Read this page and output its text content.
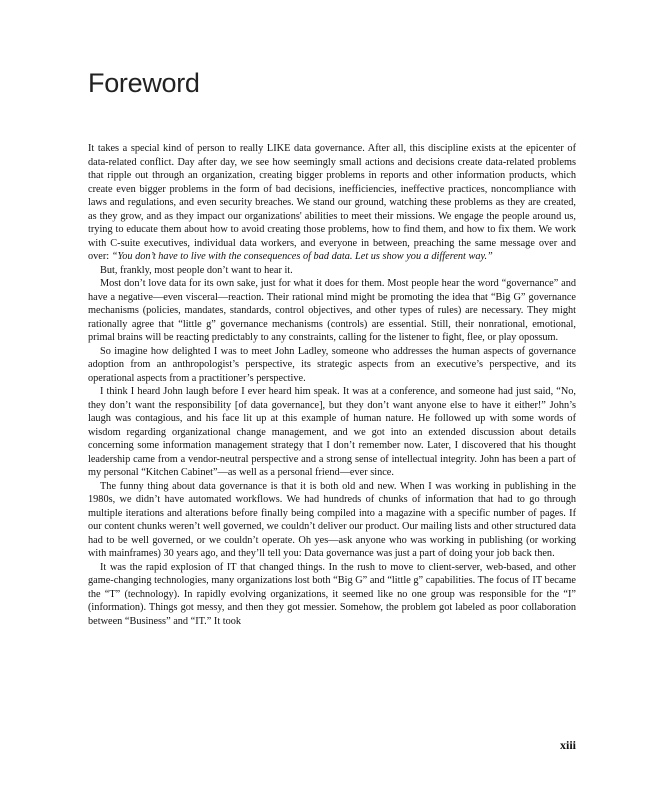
Foreword

It takes a special kind of person to really LIKE data governance. After all, this discipline exists at the epicenter of data-related conflict. Day after day, we see how seemingly small actions and decisions create data-related problems that ripple out through an organization, creating bigger problems in reports and other information products, which create even bigger problems in the form of bad decisions, inefficiencies, ineffective practices, noncompliance with laws and regulations, and even security breaches. We stand our ground, watching these problems as they are created, as they grow, and as they impact our organizations' abilities to meet their missions. We engage the people around us, trying to educate them about how to avoid creating those problems, how to find them, and how to fix them. We work with C-suite executives, individual data workers, and everyone in between, preaching the same message over and over: “You don’t have to live with the consequences of bad data. Let us show you a different way.”

But, frankly, most people don’t want to hear it.

Most don’t love data for its own sake, just for what it does for them. Most people hear the word “governance” and have a negative—even visceral—reaction. Their rational mind might be promoting the idea that “Big G” governance mechanisms (policies, mandates, standards, control objectives, and other types of rules) are necessary. They might rationally agree that “little g” governance mechanisms (controls) are essential. Still, their nonrational, emotional, primal brains will be reacting predictably to any constraints, calling for the listener to fight, flee, or play opossum.

So imagine how delighted I was to meet John Ladley, someone who addresses the human aspects of governance adoption from an anthropologist’s perspective, its strategic aspects from an executive’s perspective, and its operational aspects from a practitioner’s perspective.

I think I heard John laugh before I ever heard him speak. It was at a conference, and someone had just said, “No, they don’t want the responsibility [of data governance], but they don’t want anyone else to have it either!” John’s laugh was contagious, and his face lit up at this example of human nature. He followed up with some words of wisdom regarding organizational change management, and we got into an extended discussion about details concerning some information management strategy that I don’t remember now. Later, I discovered that his thought leadership came from a vendor-neutral perspective and a strong sense of intellectual integrity. John has been a part of my personal “Kitchen Cabinet”—as well as a personal friend—ever since.

The funny thing about data governance is that it is both old and new. When I was working in publishing in the 1980s, we didn’t have automated workflows. We had hundreds of chunks of information that had to go through multiple iterations and alterations before finally being compiled into a magazine with a specific number of pages. If our content chunks weren’t well governed, we couldn’t deliver our product. Our mailing lists and other structured data had to be well governed, or we couldn’t operate. Oh yes—ask anyone who was working in publishing (or working with mainframes) 30 years ago, and they’ll tell you: Data governance was just a part of doing your job back then.

It was the rapid explosion of IT that changed things. In the rush to move to client-server, web-based, and other game-changing technologies, many organizations lost both “Big G” and “little g” capabilities. The focus of IT became the “T” (technology). In rapidly evolving organizations, it seemed like no one group was responsible for the “I” (information). Things got messy, and then they got messier. Somehow, the problem got labeled as poor collaboration between “Business” and “IT.” It took

xiii
